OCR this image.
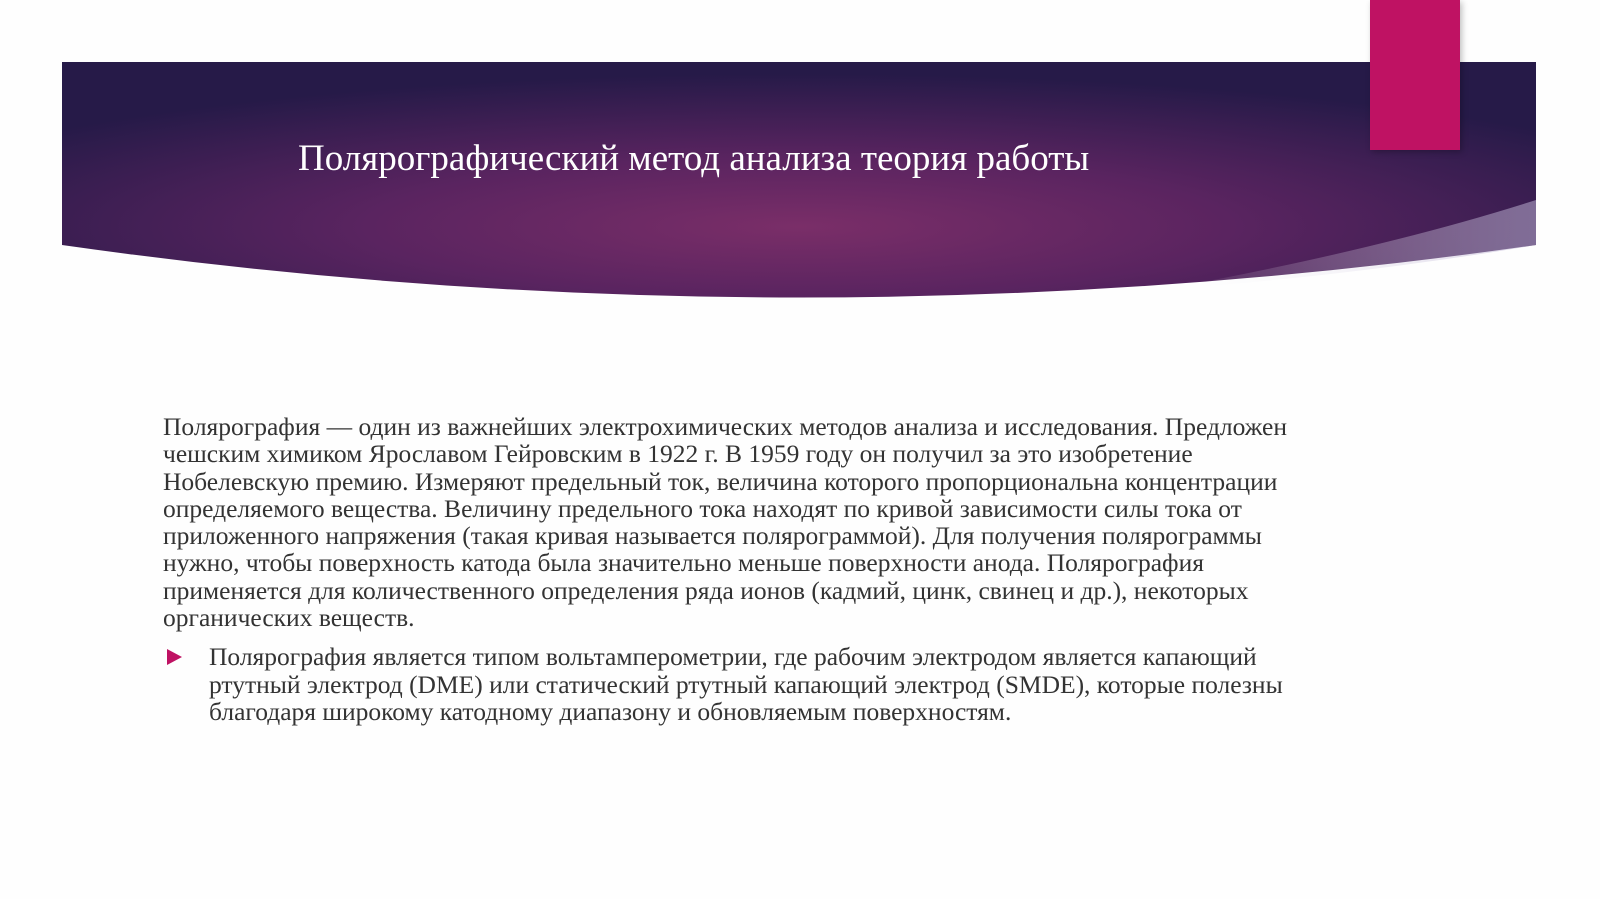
Полярографический метод анализа теория работы

Полярография — один из важнейших электрохимических методов анализа и исследования. Предложен чешским химиком Ярославом Гейровским в 1922 г. В 1959 году он получил за это изобретение Нобелевскую премию. Измеряют предельный ток, величина которого пропорциональна концентрации определяемого вещества. Величину предельного тока находят по кривой зависимости силы тока от приложенного напряжения (такая кривая называется полярограммой). Для получения полярограммы нужно, чтобы поверхность катода была значительно меньше поверхности анода. Полярография применяется для количественного определения ряда ионов (кадмий, цинк, свинец и др.), некоторых органических веществ.

Полярография является типом вольтамперометрии, где рабочим электродом является капающий ртутный электрод (DME) или статический ртутный капающий электрод (SMDE), которые полезны благодаря широкому катодному диапазону и обновляемым поверхностям.
